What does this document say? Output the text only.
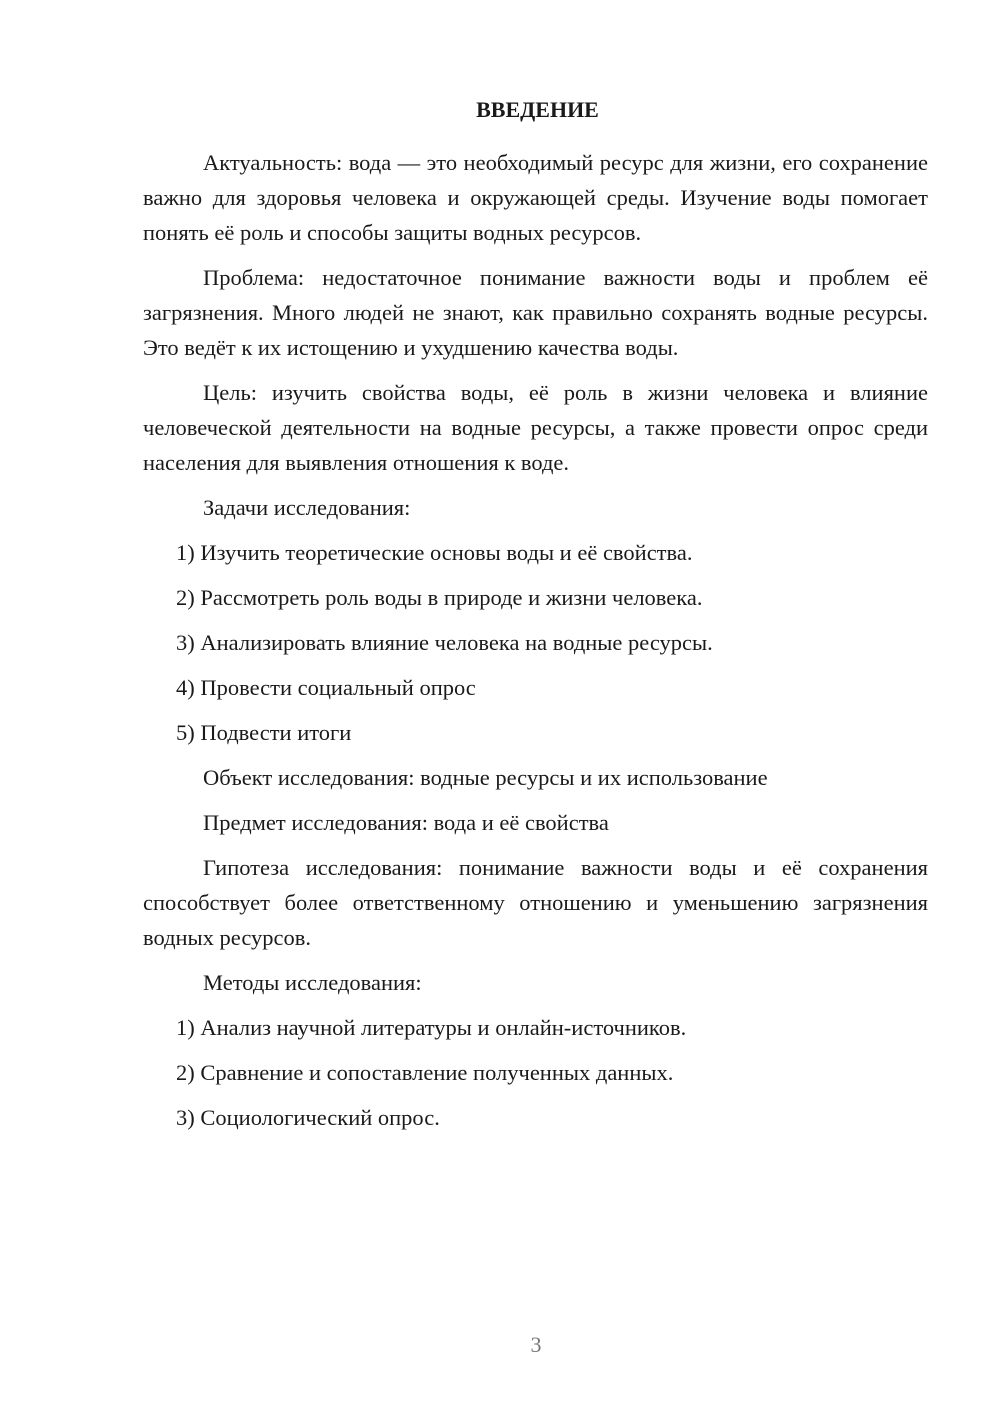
ВВЕДЕНИЕ

Актуальность: вода — это необходимый ресурс для жизни, его сохранение важно для здоровья человека и окружающей среды. Изучение воды помогает понять её роль и способы защиты водных ресурсов.

Проблема: недостаточное понимание важности воды и проблем её загрязнения. Много людей не знают, как правильно сохранять водные ресурсы. Это ведёт к их истощению и ухудшению качества воды.

Цель: изучить свойства воды, её роль в жизни человека и влияние человеческой деятельности на водные ресурсы, а также провести опрос среди населения для выявления отношения к воде.

Задачи исследования:
1) Изучить теоретические основы воды и её свойства.
2) Рассмотреть роль воды в природе и жизни человека.
3) Анализировать влияние человека на водные ресурсы.
4) Провести социальный опрос
5) Подвести итоги
Объект исследования: водные ресурсы и их использование
Предмет исследования: вода и её свойства

Гипотеза исследования: понимание важности воды и её сохранения способствует более ответственному отношению и уменьшению загрязнения водных ресурсов.

Методы исследования:
1) Анализ научной литературы и онлайн-источников.
2) Сравнение и сопоставление полученных данных.
3) Социологический опрос.
3
